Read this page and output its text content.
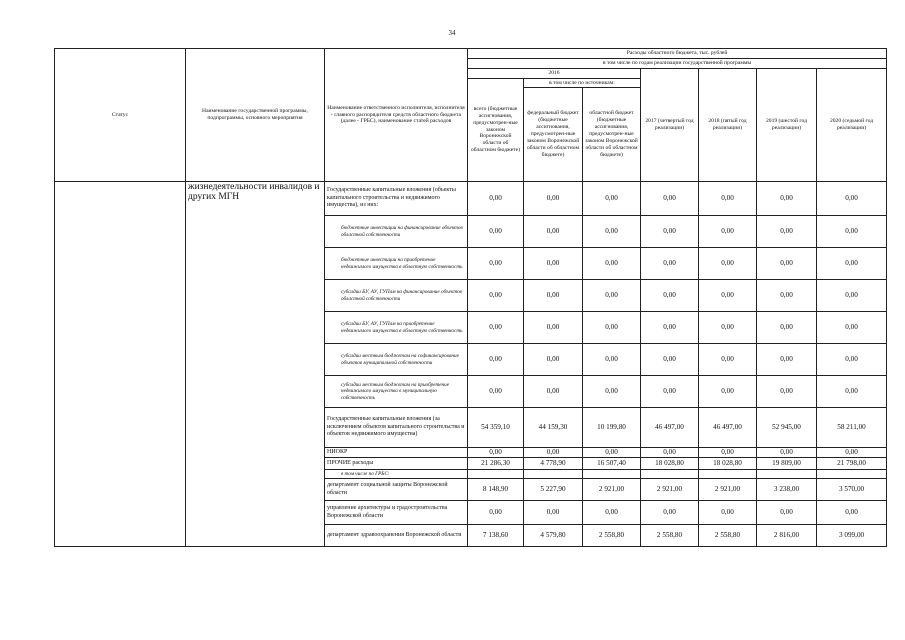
34
Статус	Наименование государственной программы, подпрограммы, основного мероприятия	Наименование ответственного исполнителя, исполнителя - главного распорядителя средств областного бюджета (далее - ГРБС), наименование статей расходов	Расходы областного бюджета, тыс. рублей						
			в том числе по годам реализации государственной программы						
			2016			2017 (четвертый год реализации)	2018 (пятый год реализации)	2019 (шестой год реализации)	2020 (седьмой год реализации)
			всего (бюджетные ассигнования, предусмотрен-ные законом Воронежской области об областном бюджете)	в том числе по источникам:					
				федеральный бюджет (бюджетные ассигнования, предусмотрен-ные законом Воронежской области об областном бюджете)	областной бюджет (бюджетные ассигнования, предусмотрен-ные законом Воронежской области об областном бюджете)				
	жизнедеятельности инвалидов и других МГН	Государственные капитальные вложения (объекты капитального строительства и недвижимого имущества), из них:	0,00	0,00	0,00	0,00	0,00	0,00	0,00
		бюджетные инвестиции на финансирование объектов областной собственности	0,00	0,00	0,00	0,00	0,00	0,00	0,00
		бюджетные инвестиции на приобретение недвижимого имущества в областную собственность	0,00	0,00	0,00	0,00	0,00	0,00	0,00
		субсидии БУ, АУ, ГУПам на финансирование объектов областной собственности	0,00	0,00	0,00	0,00	0,00	0,00	0,00
		субсидии БУ, АУ, ГУПам на приобретение недвижимого имущества в областную собственность	0,00	0,00	0,00	0,00	0,00	0,00	0,00
		субсидии местным бюджетам на софинансирование объектов муниципальной собственности	0,00	0,00	0,00	0,00	0,00	0,00	0,00
		субсидии местным бюджетам на приобретение недвижимого имущества в муниципальную собственность	0,00	0,00	0,00	0,00	0,00	0,00	0,00
		Государственные капитальные вложения (за исключением объектов капитального строительства и объектов недвижимого имущества)	54 359,10	44 159,30	10 199,80	46 497,00	46 497,00	52 945,00	58 211,00
		НИОКР	0,00	0,00	0,00	0,00	0,00	0,00	0,00
		ПРОЧИЕ расходы	21 286,30	4 778,90	16 507,40	18 028,80	18 028,80	19 809,00	21 798,00
		в том числе по ГРБС:							
		департамент социальной защиты Воронежской области	8 148,90	5 227,90	2 921,00	2 921,00	2 921,00	3 238,00	3 570,00
		управление архитектуры и градостроительства Воронежской области	0,00	0,00	0,00	0,00	0,00	0,00	0,00
		департамент здравоохранения Воронежской области	7 138,60	4 579,80	2 558,80	2 558,80	2 558,80	2 816,00	3 099,00
